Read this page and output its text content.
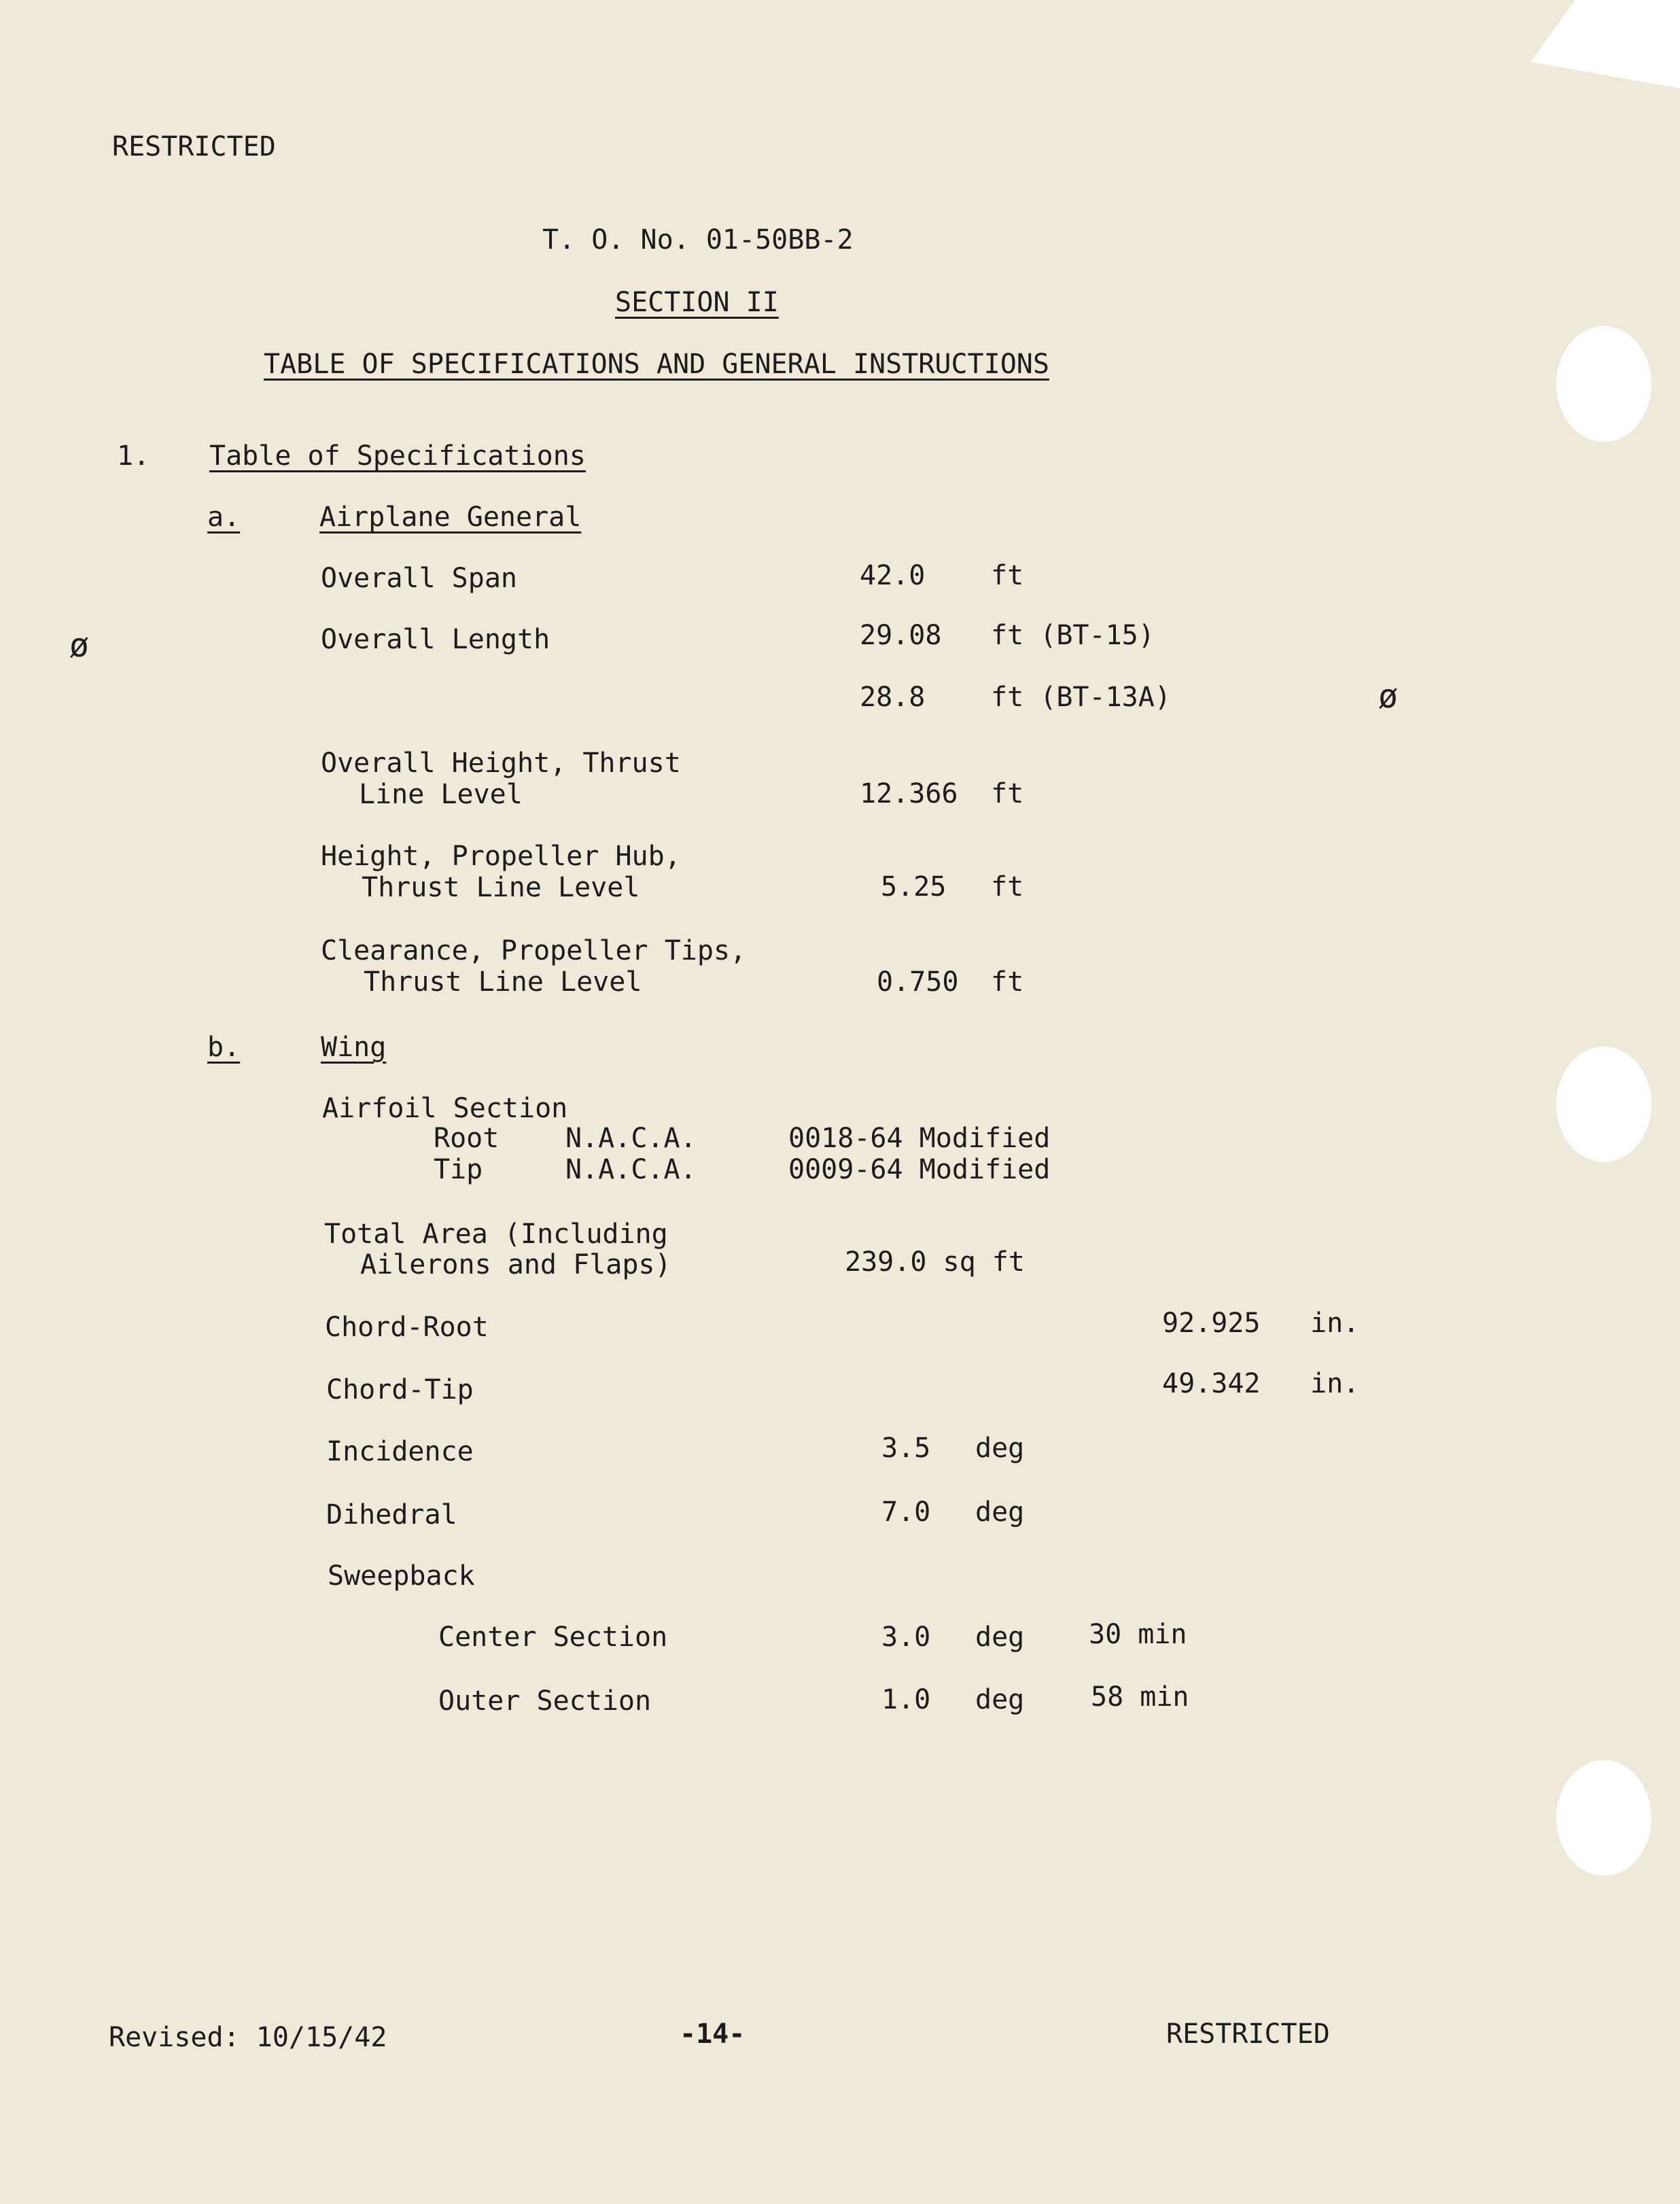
RESTRICTED
T. O. No. 01-50BB-2
SECTION II
TABLE OF SPECIFICATIONS AND GENERAL INSTRUCTIONS
1. Table of Specifications
a.	Airplane General
Overall Span	42.0 ft
ø	Overall Length	29.08 ft (BT-15)
28.8 ft (BT-13A)	ø
Overall Height, Thrust
Line Level	12.366 ft
Height, Propeller Hub,
Thrust Line Level	5.25 ft
Clearance, Propeller Tips,
Thrust Line Level	0.750 ft
b.	Wing
Airfoil Section
Root N.A.C.A.	0018-64 Modified
Tip	N.A.C.A.	0009-64 Modified
Total Area (Including
Ailerons and Flaps)	239.0 sq ft
Chord-Root	92.925 in.
Chord-Tip	49.342 in.
Incidence	3.5 deg
Dihedral	7.0 deg
Sweepback
Center Section	3.0 deg 30 min
Outer Section	1.0 deg 58 min
Revised: 10/15/42	-14-	RESTRICTED
